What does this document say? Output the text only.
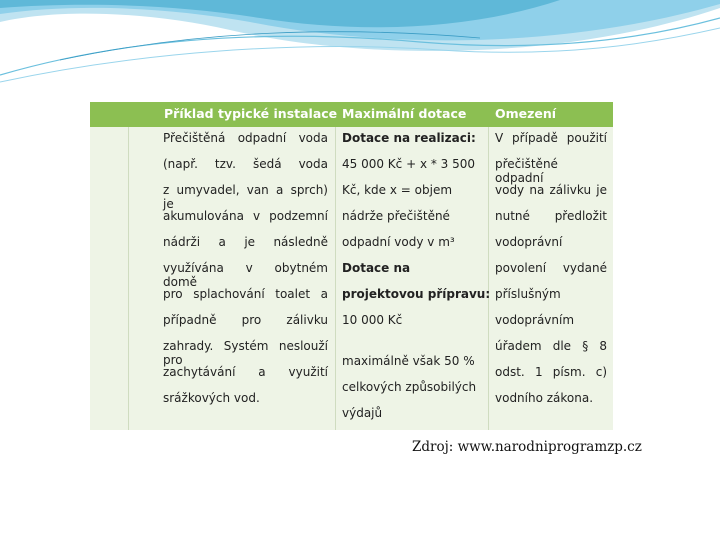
Příklad typické instalace Maximální dotace Omezení
Přečištěná odpadní voda
(např. tzv. šedá voda
z umyvadel, van a sprch) je
akumulována v podzemní
nádrži a je následně
využívána v obytném domě
pro splachování toalet a
případně pro zálivku
zahrady. Systém neslouží pro
zachytávání a využití
srážkových vod.
Dotace na realizaci:
45 000 Kč + x * 3 500
Kč, kde x = objem
nádrže přečištěné
odpadní vody v m³
Dotace na
projektovou přípravu:
10 000 Kč
maximálně však 50 %
celkových způsobilých
výdajů
V případě použití
přečištěné odpadní
vody na zálivku je
nutné předložit
vodoprávní
povolení vydané
příslušným
vodoprávním
úřadem dle § 8
odst. 1 písm. c)
vodního zákona.
Zdroj: www.narodniprogramzp.cz
